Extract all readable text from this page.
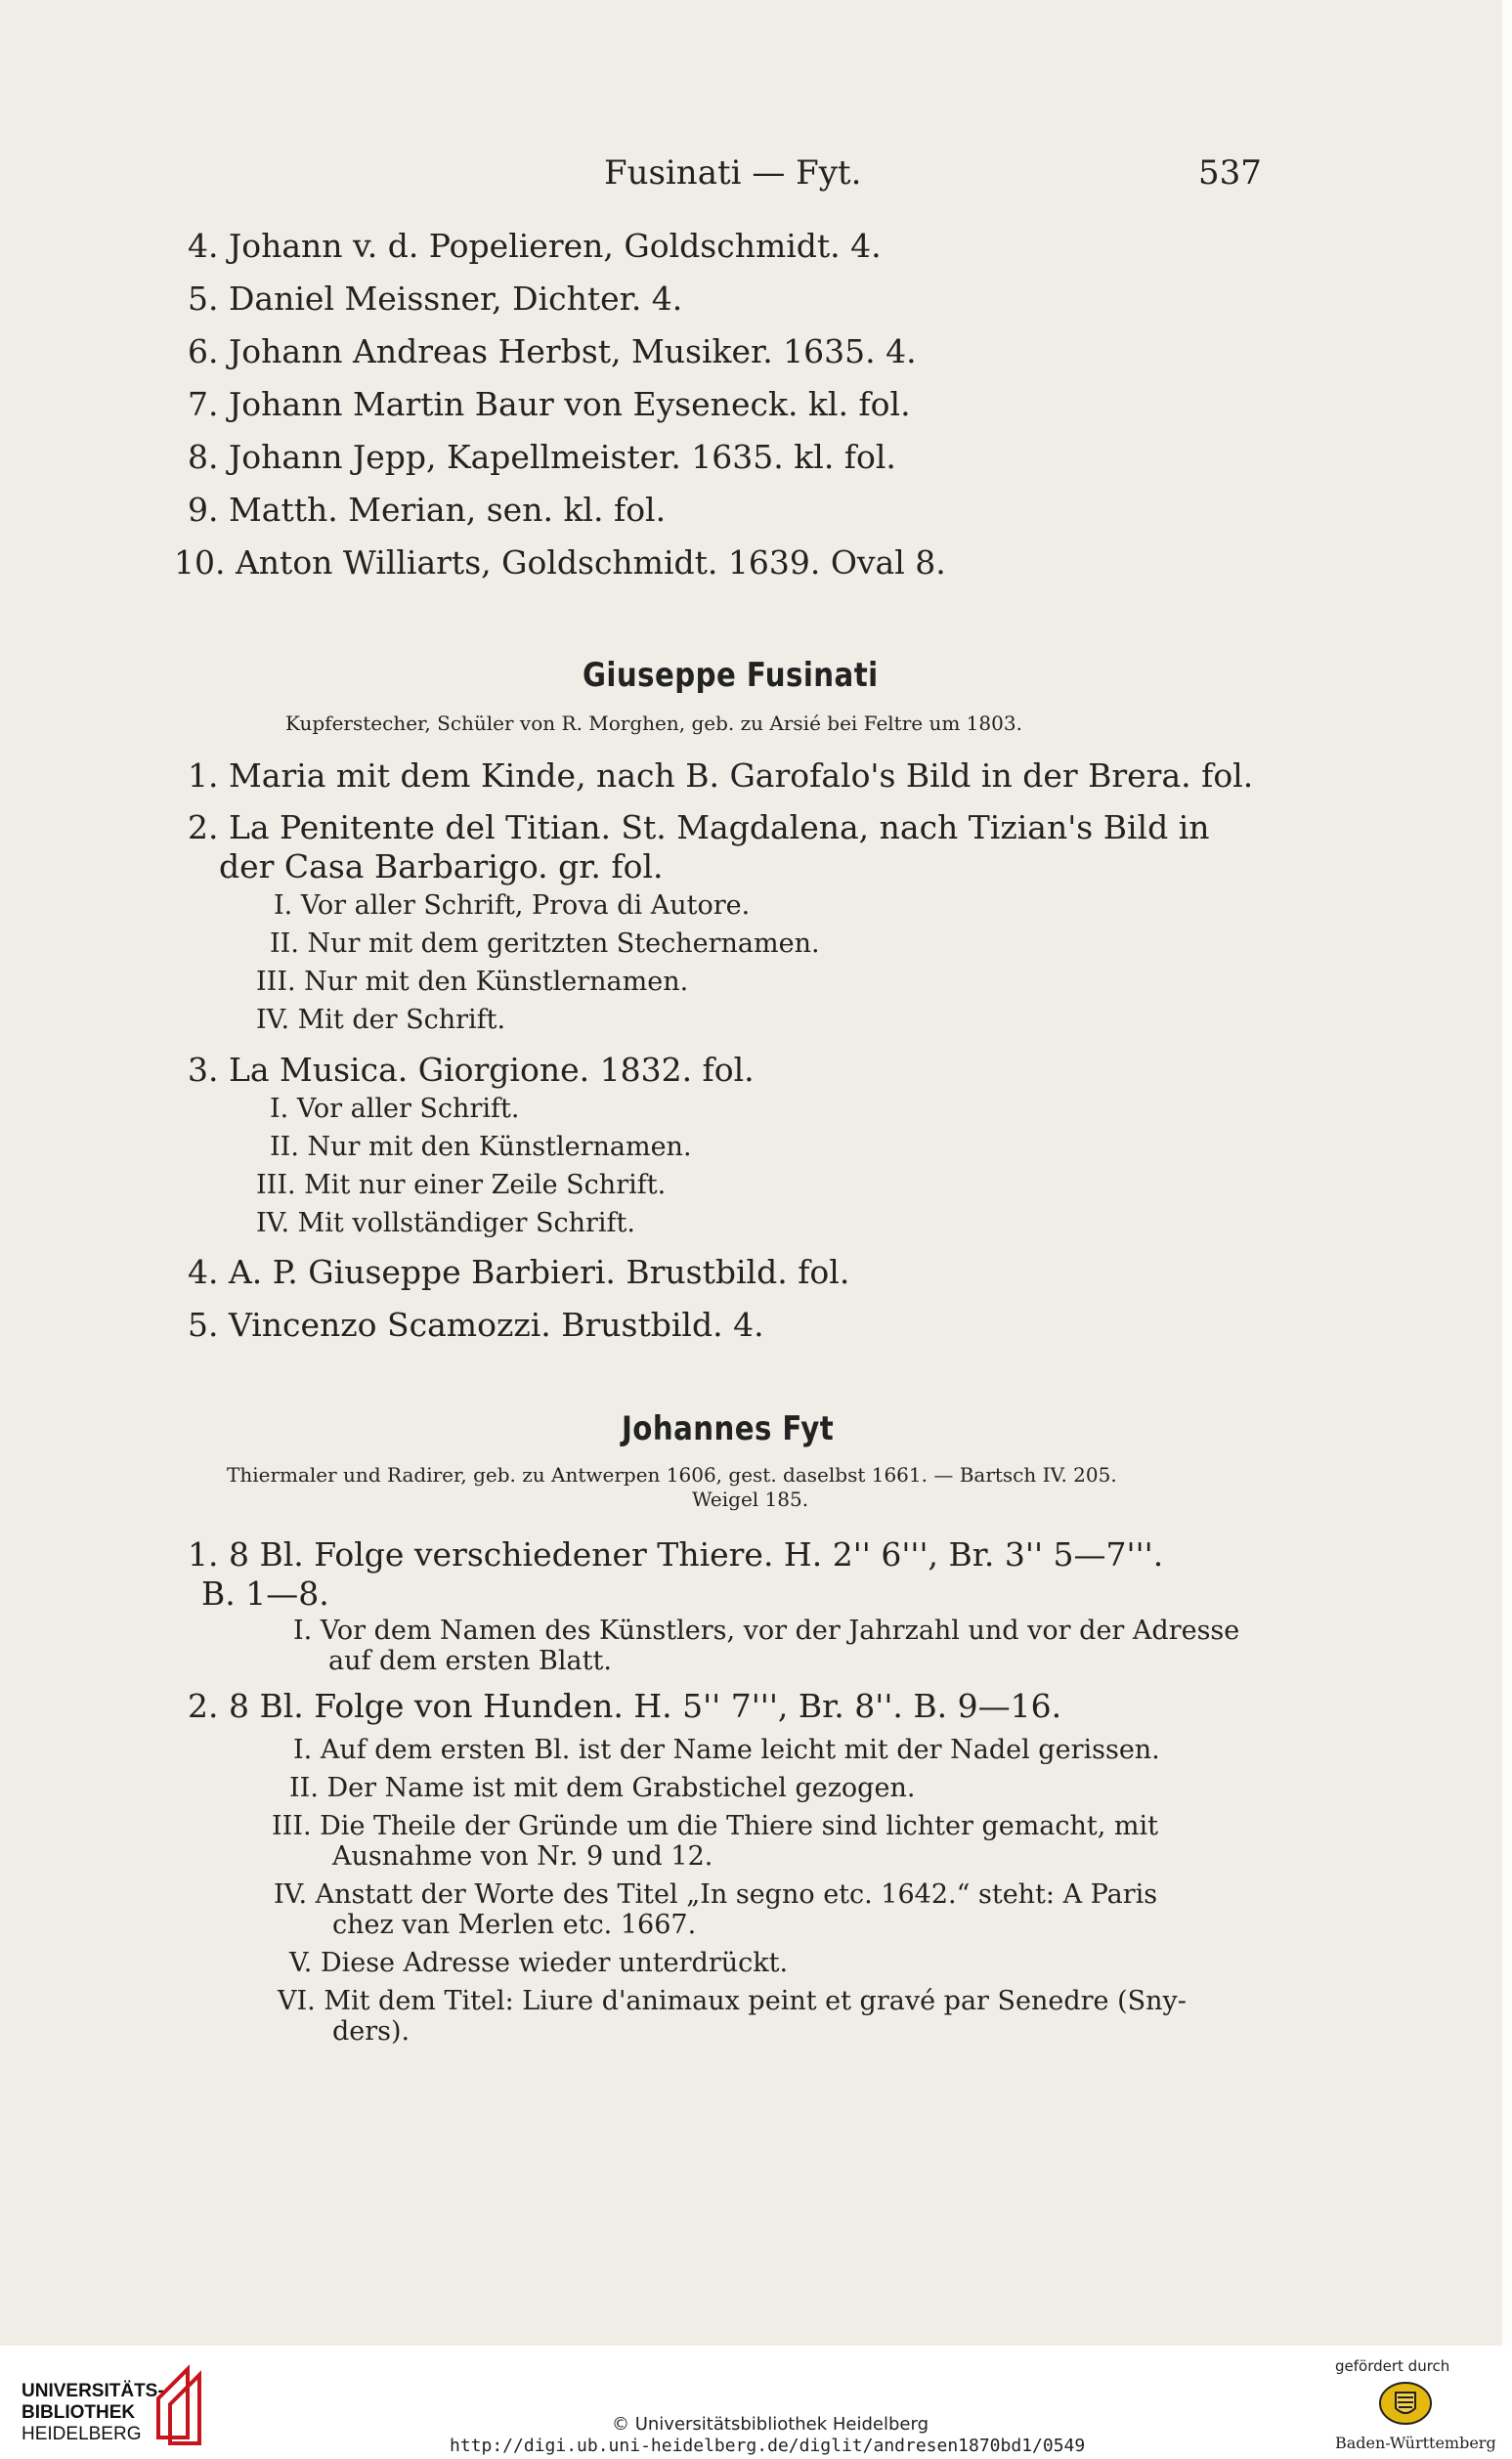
Fusinati — Fyt.	537
4. Johann v. d. Popelieren, Goldschmidt. 4.
5. Daniel Meissner, Dichter. 4.
6. Johann Andreas Herbst, Musiker. 1635. 4.
7. Johann Martin Baur von Eyseneck. kl. fol.
8. Johann Jepp, Kapellmeister. 1635. kl. fol.
9. Matth. Merian, sen. kl. fol.
10. Anton Williarts, Goldschmidt. 1639. Oval 8.
Giuseppe Fusinati
Kupferstecher, Schüler von R. Morghen, geb. zu Arsié bei Feltre um 1803.
1. Maria mit dem Kinde, nach B. Garofalo's Bild in der Brera. fol.
2. La Penitente del Titian. St. Magdalena, nach Tizian's Bild in
der Casa Barbarigo. gr. fol.
I. Vor aller Schrift, Prova di Autore.
II. Nur mit dem geritzten Stechernamen.
III. Nur mit den Künstlernamen.
IV. Mit der Schrift.
3. La Musica. Giorgione. 1832. fol.
I. Vor aller Schrift.
II. Nur mit den Künstlernamen.
III. Mit nur einer Zeile Schrift.
IV. Mit vollständiger Schrift.
4. A. P. Giuseppe Barbieri. Brustbild. fol.
5. Vincenzo Scamozzi. Brustbild. 4.
Johannes Fyt
Thiermaler und Radirer, geb. zu Antwerpen 1606, gest. daselbst 1661. — Bartsch IV. 205.
Weigel 185.
1. 8 Bl. Folge verschiedener Thiere. H. 2'' 6''', Br. 3'' 5—7'''.
B. 1—8.
I. Vor dem Namen des Künstlers, vor der Jahrzahl und vor der Adresse
auf dem ersten Blatt.
2. 8 Bl. Folge von Hunden. H. 5'' 7''', Br. 8''. B. 9—16.
I. Auf dem ersten Bl. ist der Name leicht mit der Nadel gerissen.
II. Der Name ist mit dem Grabstichel gezogen.
III. Die Theile der Gründe um die Thiere sind lichter gemacht, mit
Ausnahme von Nr. 9 und 12.
IV. Anstatt der Worte des Titel „In segno etc. 1642.“ steht: A Paris
chez van Merlen etc. 1667.
V. Diese Adresse wieder unterdrückt.
VI. Mit dem Titel: Liure d'animaux peint et gravé par Senedre (Sny-
ders).
UNIVERSITÄTS-
BIBLIOTHEK
HEIDELBERG	© Universitätsbibliothek Heidelberg
http://digi.ub.uni-heidelberg.de/diglit/andresen1870bd1/0549
gefördert durch
Baden-Württemberg
